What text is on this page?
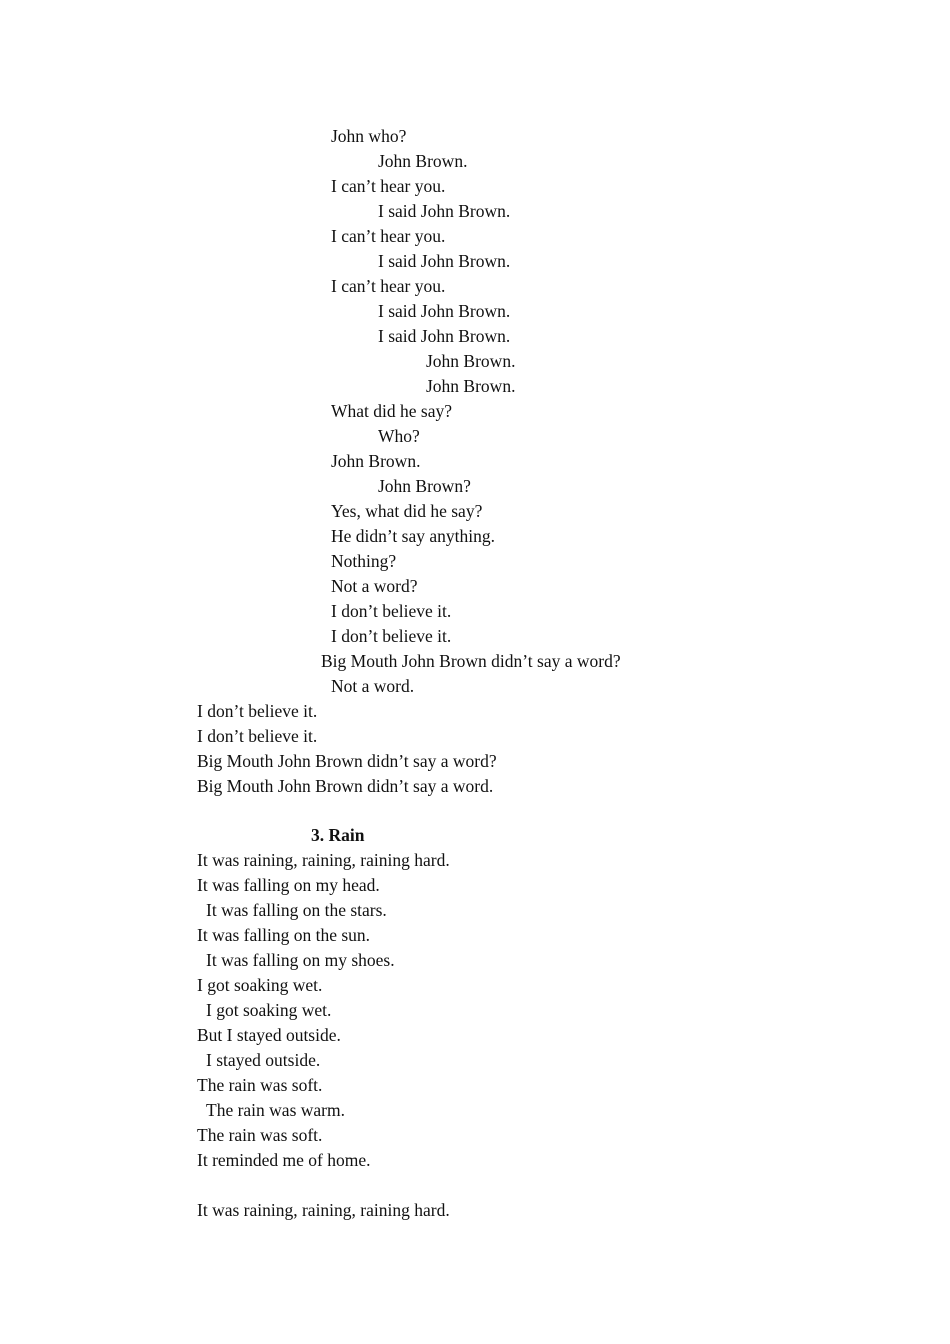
John who?
John Brown.
I can’t hear you.
I said John Brown.
I can’t hear you.
I said John Brown.
I can’t hear you.
I said John Brown.
I said John Brown.
John Brown.
John Brown.
What did he say?
Who?
John Brown.
John Brown?
Yes, what did he say?
He didn’t say anything.
Nothing?
Not a word?
I don’t believe it.
I don’t believe it.
Big Mouth John Brown didn’t say a word?
Not a word.
I don’t believe it.
I don’t believe it.
Big Mouth John Brown didn’t say a word?
Big Mouth John Brown didn’t say a word.
3. Rain
It was raining, raining, raining hard.
It was falling on my head.
It was falling on the stars.
It was falling on the sun.
It was falling on my shoes.
I got soaking wet.
I got soaking wet.
But I stayed outside.
I stayed outside.
The rain was soft.
The rain was warm.
The rain was soft.
It reminded me of home.
It was raining, raining, raining hard.
